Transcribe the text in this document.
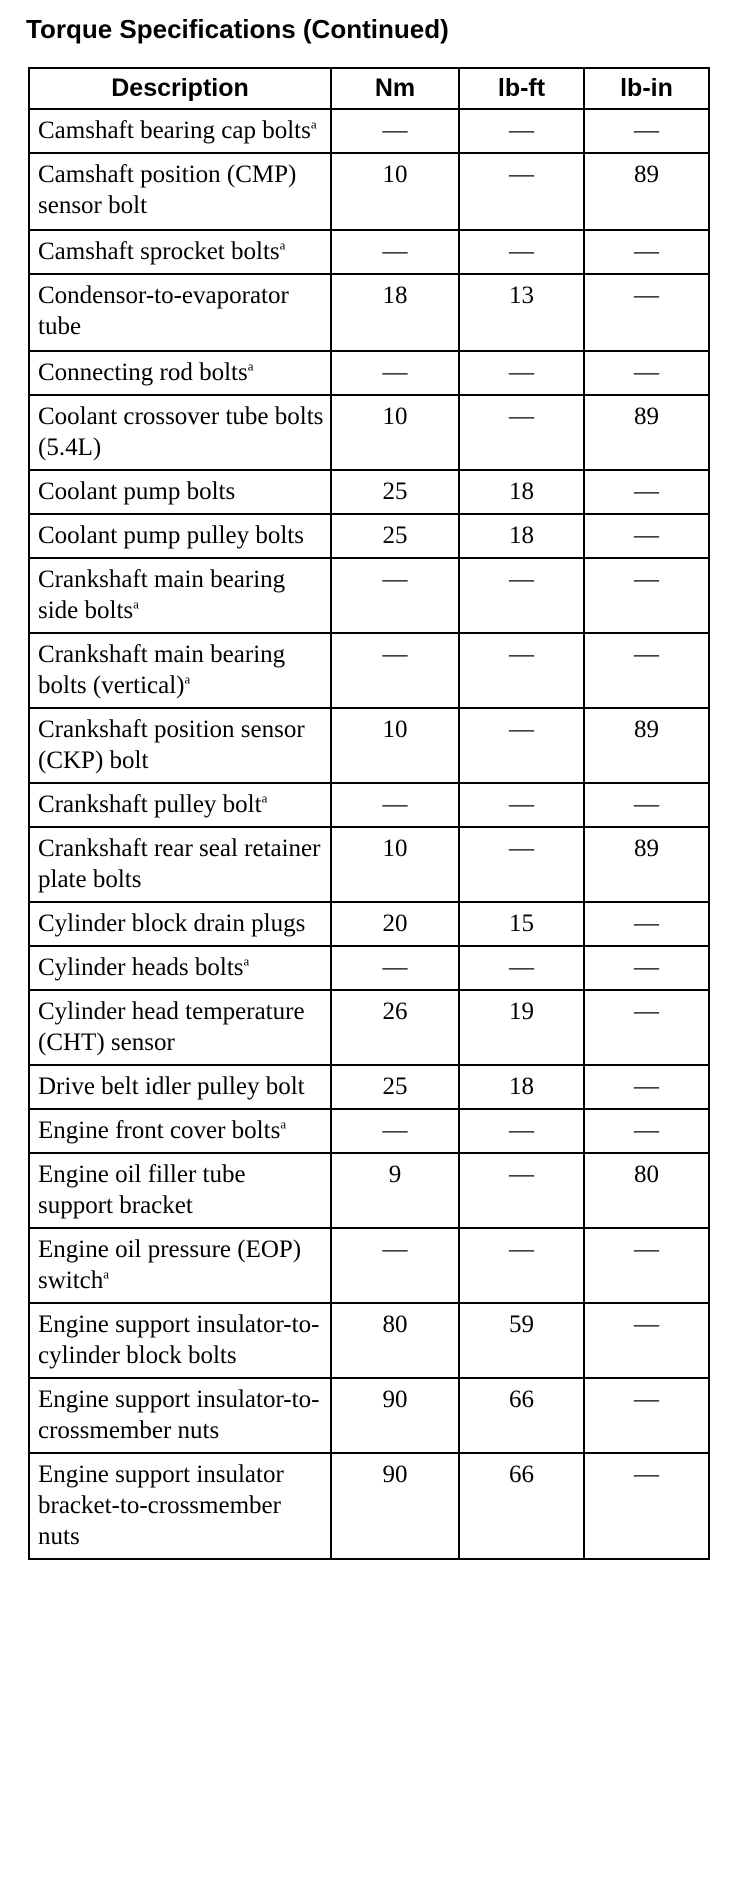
Torque Specifications (Continued)
Description	Nm	lb-ft	lb-in
Camshaft bearing cap bolts$^a$	—	—	—
Camshaft position (CMP) sensor bolt	10	—	89
Camshaft sprocket bolts$^a$	—	—	—
Condensor-to-evaporator tube	18	13	—
Connecting rod bolts$^a$	—	—	—
Coolant crossover tube bolts (5.4L)	10	—	89
Coolant pump bolts	25	18	—
Coolant pump pulley bolts	25	18	—
Crankshaft main bearing side bolts$^a$	—	—	—
Crankshaft main bearing bolts (vertical)$^a$	—	—	—
Crankshaft position sensor (CKP) bolt	10	—	89
Crankshaft pulley bolt$^a$	—	—	—
Crankshaft rear seal retainer plate bolts	10	—	89
Cylinder block drain plugs	20	15	—
Cylinder heads bolts$^a$	—	—	—
Cylinder head temperature (CHT) sensor	26	19	—
Drive belt idler pulley bolt	25	18	—
Engine front cover bolts$^a$	—	—	—
Engine oil filler tube support bracket	9	—	80
Engine oil pressure (EOP) switch$^a$	—	—	—
Engine support insulator-to-cylinder block bolts	80	59	—
Engine support insulator-to-crossmember nuts	90	66	—
Engine support insulator bracket-to-crossmember nuts	90	66	—
